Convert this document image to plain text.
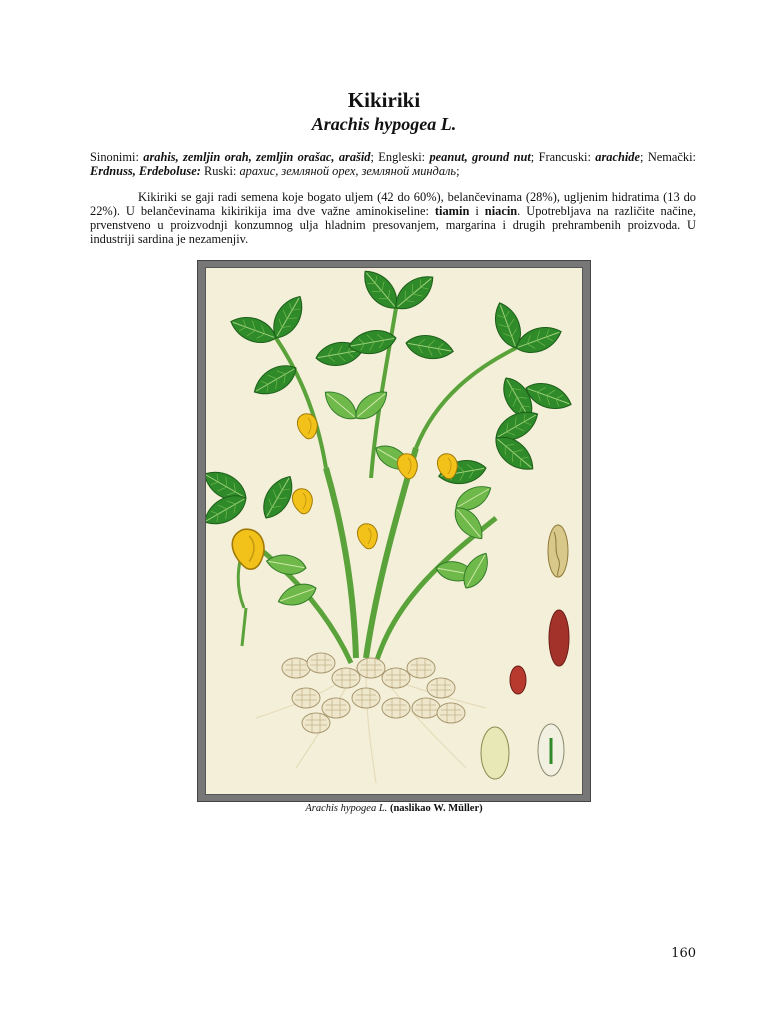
Kikiriki
Arachis hypogea L.
Sinonimi: arahis, zemljin orah, zemljin orašac, arašid; Engleski: peanut, ground nut; Francuski: arachide; Nemački: Erdnuss, Erdeboluse: Ruski: арахис, земляной орех, земляной миндаль;
Kikiriki se gaji radi semena koje bogato uljem (42 do 60%), belančevinama (28%), ugljenim hidratima (13 do 22%). U belančevinama kikirikija ima dve važne aminokiseline: tiamin i niacin. Upotrebljava na različite načine, prvenstveno u proizvodnji konzumnog ulja hladnim presovanjem, margarina i drugih prehrambenih proizvoda. U industriji sardina je nezamenjiv.
Arachis hypogea L. (naslikao W. Müller)
160
